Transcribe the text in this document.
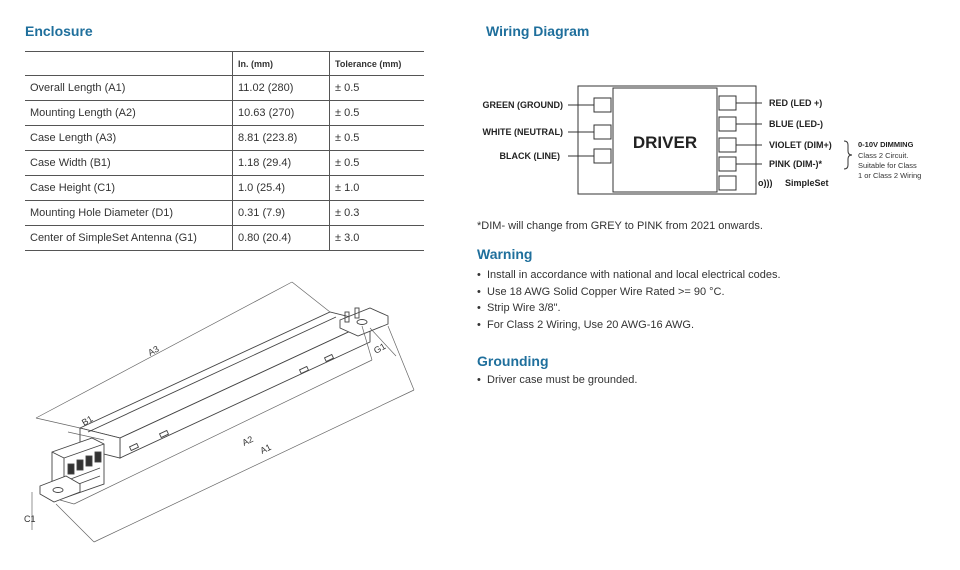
Enclosure
	In. (mm)	Tolerance (mm)
Overall Length (A1)	11.02 (280)	± 0.5
Mounting Length (A2)	10.63 (270)	± 0.5
Case Length (A3)	8.81 (223.8)	± 0.5
Case Width (B1)	1.18 (29.4)	± 0.5
Case Height (C1)	1.0 (25.4)	± 1.0
Mounting Hole Diameter (D1)	0.31 (7.9)	± 0.3
Center of SimpleSet Antenna (G1)	0.80 (20.4)	± 3.0
A3
B1
A2
A1
C1
G1
Wiring Diagram
GREEN (GROUND)
WHITE (NEUTRAL)
BLACK (LINE)
RED (LED +)
BLUE (LED-)
VIOLET (DIM+)
PINK (DIM-)*
o))) SimpleSet
DRIVER	0-10V DIMMING
Class 2 Circuit.
Suitable for Class
1 or Class 2 Wiring
*DIM- will change from GREY to PINK from 2021 onwards.
Warning
• Install in accordance with national and local electrical codes.
• Use 18 AWG Solid Copper Wire Rated >= 90 °C.
• Strip Wire 3/8".
• For Class 2 Wiring, Use 20 AWG-16 AWG.
Grounding
• Driver case must be grounded.
